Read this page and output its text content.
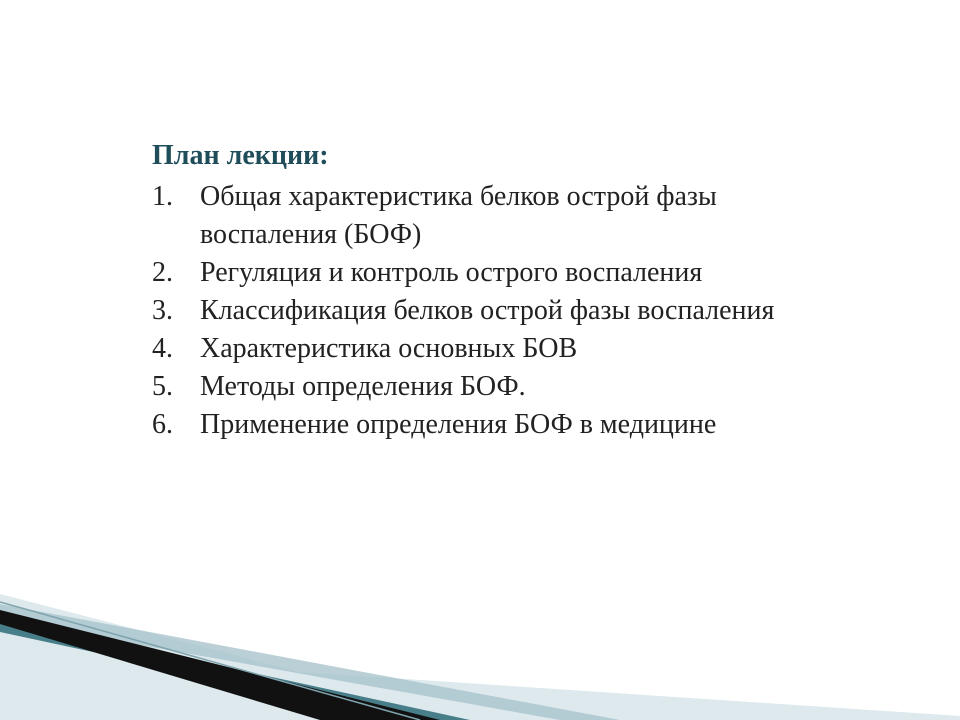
План лекции:
1. Общая характеристика белков острой фазы воспаления (БОФ)
2. Регуляция и контроль острого воспаления
3. Классификация белков острой фазы воспаления
4. Характеристика основных БОВ
5. Методы определения БОФ.
6. Применение определения БОФ в медицине
